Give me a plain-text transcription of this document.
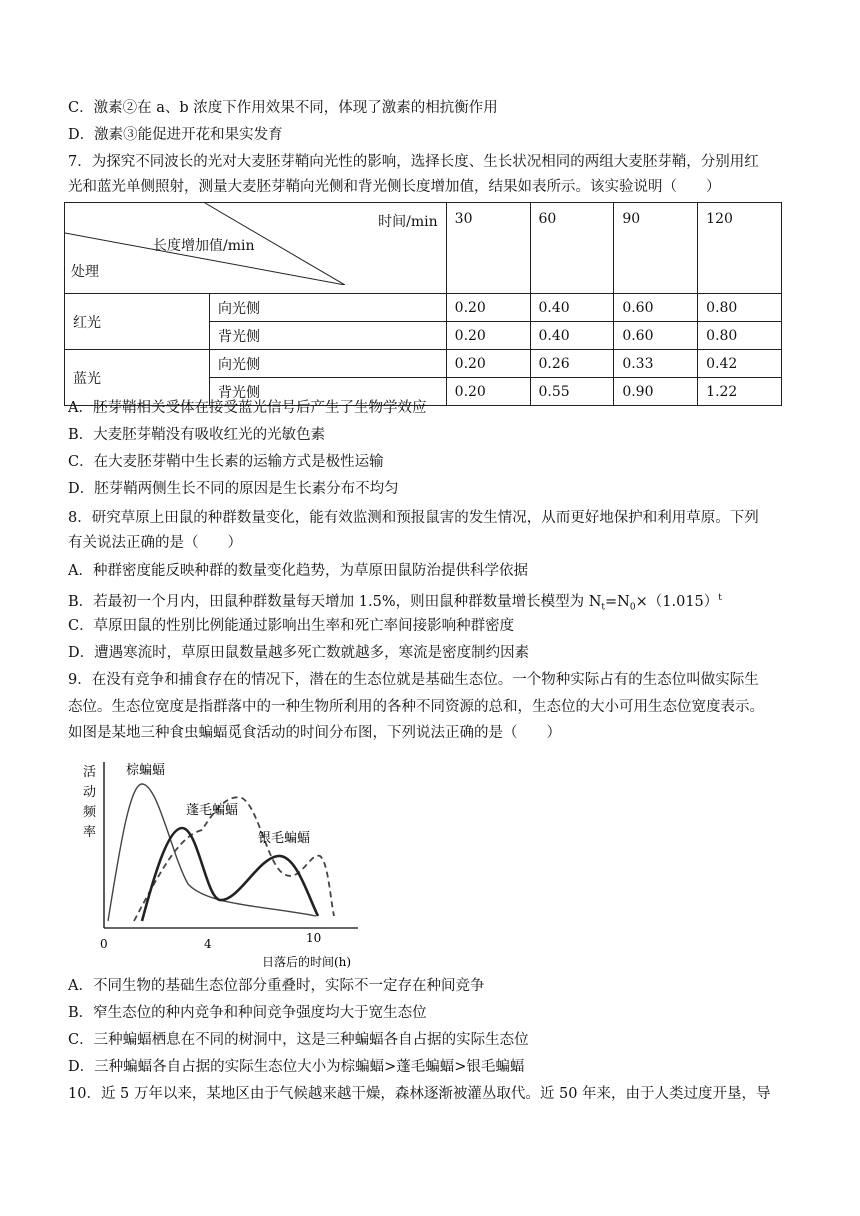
C．激素②在 a、b 浓度下作用效果不同，体现了激素的相抗衡作用
D．激素③能促进开花和果实发育
7．为探究不同波长的光对大麦胚芽鞘向光性的影响，选择长度、生长状况相同的两组大麦胚芽鞘，分别用红
光和蓝光单侧照射，测量大麦胚芽鞘向光侧和背光侧长度增加值，结果如表所示。该实验说明（　　）
时间/min
长度增加值/min
处理		30	60	90	120
红光	向光侧	0.20	0.40	0.60	0.80
	背光侧	0.20	0.40	0.60	0.80
蓝光	向光侧	0.20	0.26	0.33	0.42
	背光侧	0.20	0.55	0.90	1.22
A．胚芽鞘相关受体在接受蓝光信号后产生了生物学效应
B．大麦胚芽鞘没有吸收红光的光敏色素
C．在大麦胚芽鞘中生长素的运输方式是极性运输
D．胚芽鞘两侧生长不同的原因是生长素分布不均匀
8．研究草原上田鼠的种群数量变化，能有效监测和预报鼠害的发生情况，从而更好地保护和利用草原。下列
有关说法正确的是（　　）
A．种群密度能反映种群的数量变化趋势，为草原田鼠防治提供科学依据
B．若最初一个月内，田鼠种群数量每天增加 1.5%，则田鼠种群数量增长模型为 $N_t=N_0\times(1.015)^t$
C．草原田鼠的性别比例能通过影响出生率和死亡率间接影响种群密度
D．遭遇寒流时，草原田鼠数量越多死亡数就越多，寒流是密度制约因素
9．在没有竞争和捕食存在的情况下，潜在的生态位就是基础生态位。一个物种实际占有的生态位叫做实际生
态位。生态位宽度是指群落中的一种生物所利用的各种不同资源的总和，生态位的大小可用生态位宽度表示。
如图是某地三种食虫蝙蝠觅食活动的时间分布图，下列说法正确的是（　　）
活
动
频
率
0	4	10
日落后的时间(h)
棕蝙蝠
蓬毛蝙蝠
银毛蝙蝠
A．不同生物的基础生态位部分重叠时，实际不一定存在种间竞争
B．窄生态位的种内竞争和种间竞争强度均大于宽生态位
C．三种蝙蝠栖息在不同的树洞中，这是三种蝙蝠各自占据的实际生态位
D．三种蝙蝠各自占据的实际生态位大小为棕蝙蝠>蓬毛蝙蝠>银毛蝙蝠
10．近 5 万年以来，某地区由于气候越来越干燥，森林逐渐被灌丛取代。近 50 年来，由于人类过度开垦，导
